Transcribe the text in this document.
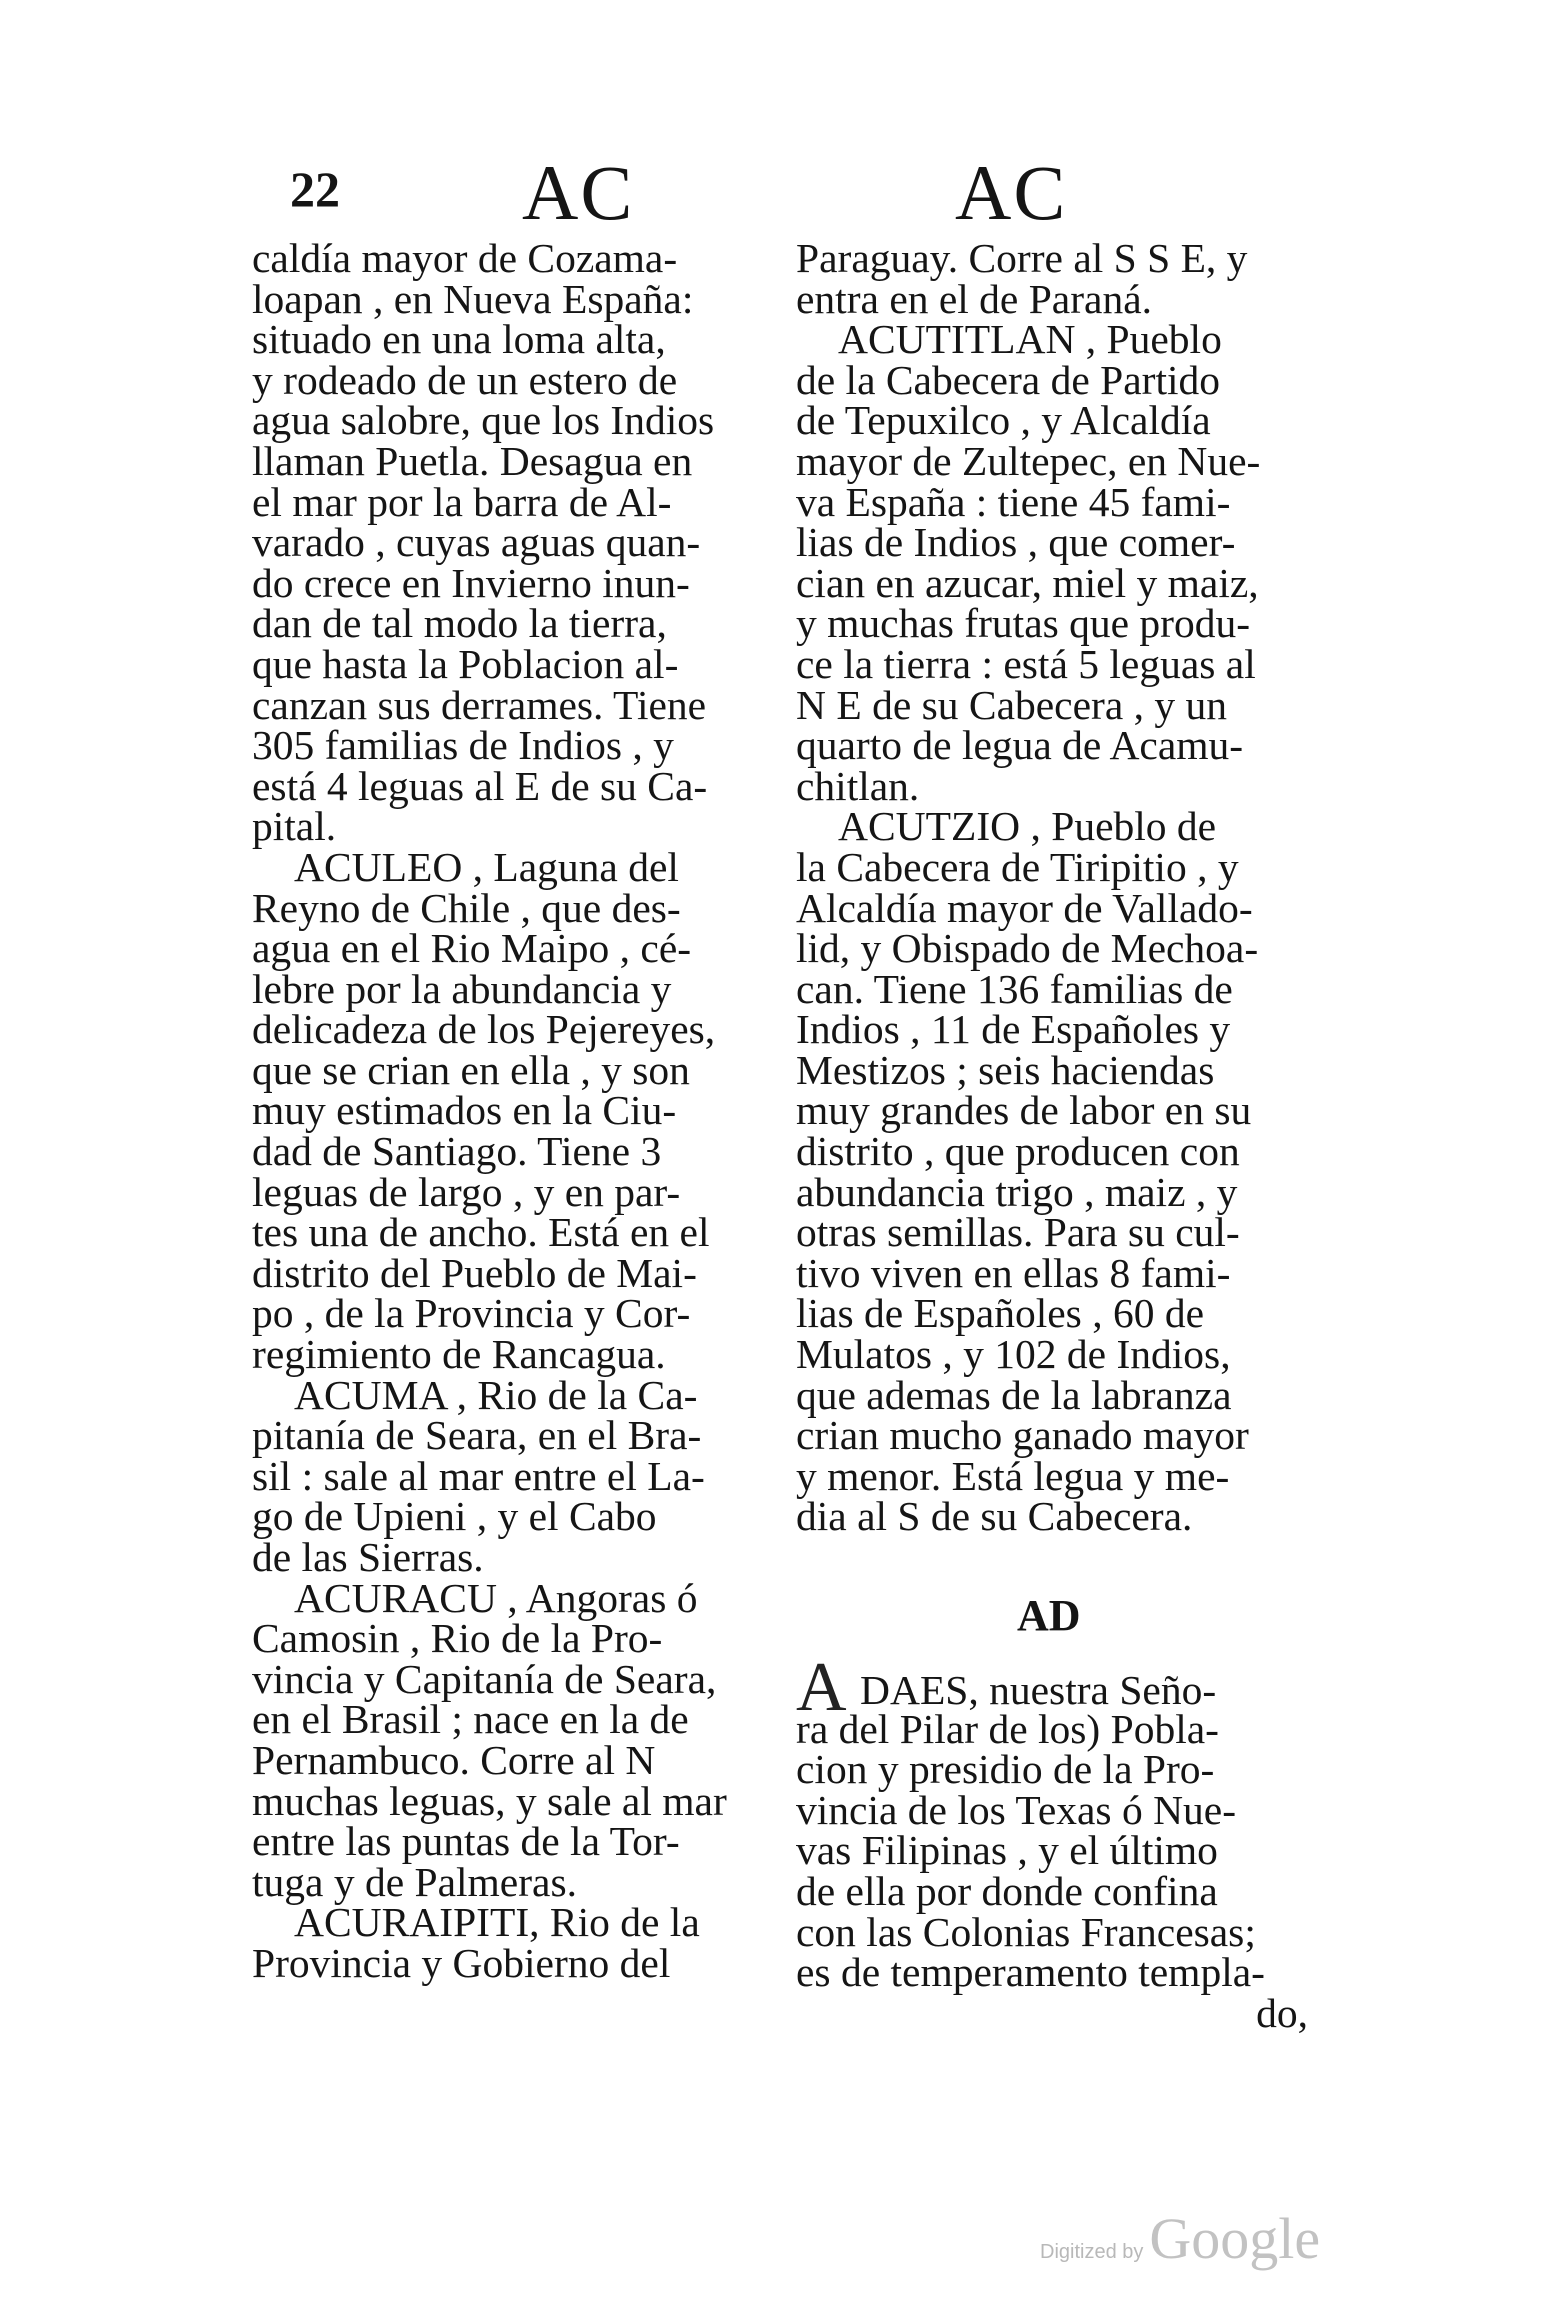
22 AC	AC
caldía mayor de Cozama-
loapan , en Nueva España:
situado en una loma alta,
y rodeado de un estero de
agua salobre, que los Indios
llaman Puetla. Desagua en
el mar por la barra de Al-
varado , cuyas aguas quan-
do crece en Invierno inun-
dan de tal modo la tierra,
que hasta la Poblacion al-
canzan sus derrames. Tiene
305 familias de Indios , y
está 4 leguas al E de su Ca-
pital.
ACULEO , Laguna del
Reyno de Chile , que des-
agua en el Rio Maipo , cé-
lebre por la abundancia y
delicadeza de los Pejereyes,
que se crian en ella , y son
muy estimados en la Ciu-
dad de Santiago. Tiene 3
leguas de largo , y en par-
tes una de ancho. Está en el
distrito del Pueblo de Mai-
po , de la Provincia y Cor-
regimiento de Rancagua.
ACUMA , Rio de la Ca-
pitanía de Seara, en el Bra-
sil : sale al mar entre el La-
go de Upieni , y el Cabo
de las Sierras.
ACURACU , Angoras ó
Camosin , Rio de la Pro-
vincia y Capitanía de Seara,
en el Brasil ; nace en la de
Pernambuco. Corre al N
muchas leguas, y sale al mar
entre las puntas de la Tor-
tuga y de Palmeras.
ACURAIPITI, Rio de la
Provincia y Gobierno del
Paraguay. Corre al S S E, y
entra en el de Paraná.
ACUTITLAN , Pueblo
de la Cabecera de Partido
de Tepuxilco , y Alcaldía
mayor de Zultepec, en Nue-
va España : tiene 45 fami-
lias de Indios , que comer-
cian en azucar, miel y maiz,
y muchas frutas que produ-
ce la tierra : está 5 leguas al
N E de su Cabecera , y un
quarto de legua de Acamu-
chitlan.
ACUTZIO , Pueblo de
la Cabecera de Tiripitio , y
Alcaldía mayor de Vallado-
lid, y Obispado de Mechoa-
can. Tiene 136 familias de
Indios , 11 de Españoles y
Mestizos ; seis haciendas
muy grandes de labor en su
distrito , que producen con
abundancia trigo , maiz , y
otras semillas. Para su cul-
tivo viven en ellas 8 fami-
lias de Españoles , 60 de
Mulatos , y 102 de Indios,
que ademas de la labranza
crian mucho ganado mayor
y menor. Está legua y me-
dia al S de su Cabecera.
AD
ADAES, nuestra Seño-
ra del Pilar de los) Pobla-
cion y presidio de la Pro-
vincia de los Texas ó Nue-
vas Filipinas , y el último
de ella por donde confina
con las Colonias Francesas;
es de temperamento templa-
do,
Digitized by Google
